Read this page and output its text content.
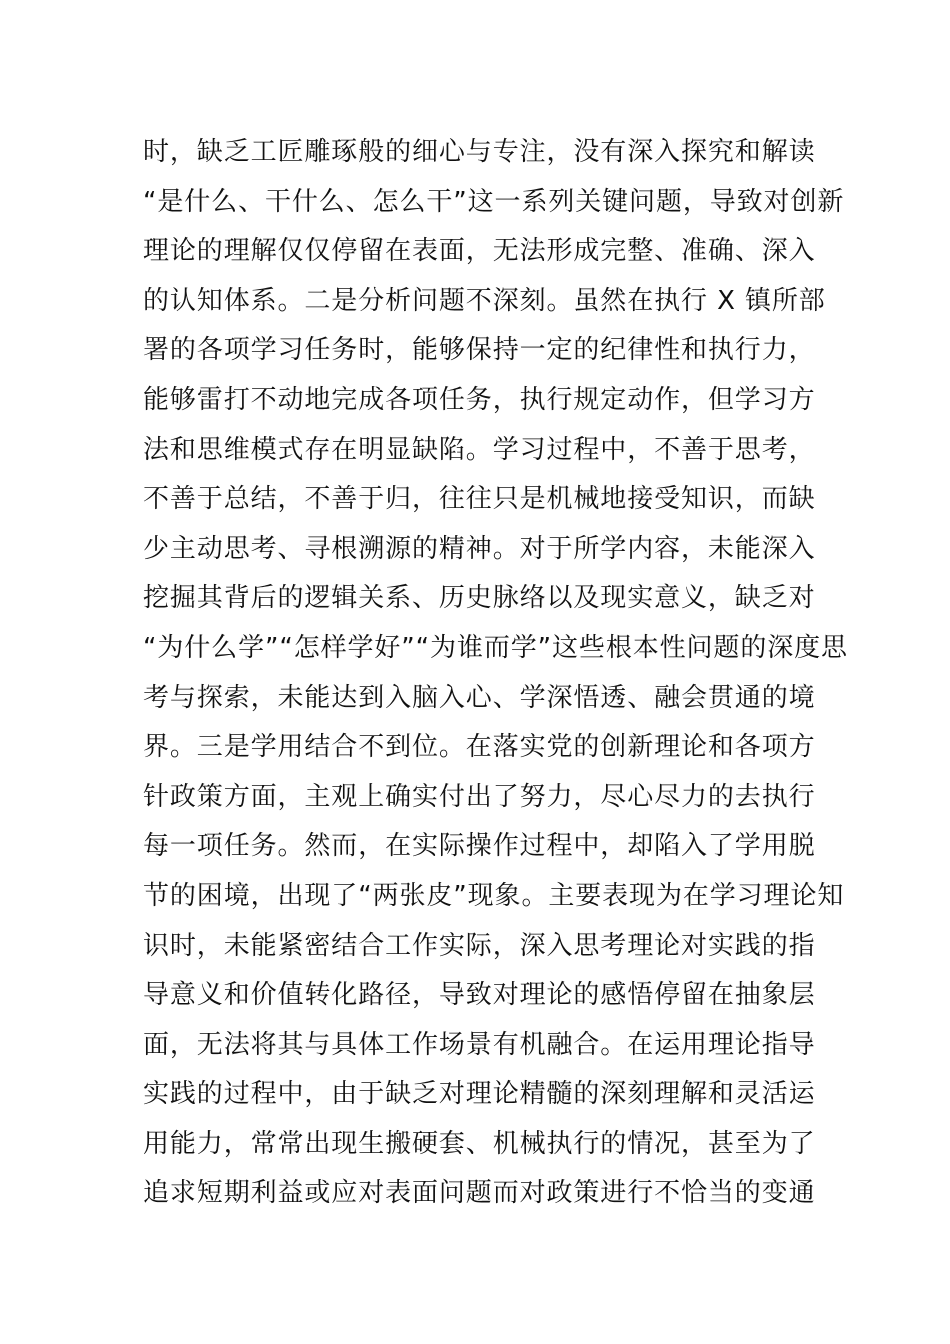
时，缺乏工匠雕琢般的细心与专注，没有深入探究和解读
“是什么、干什么、怎么干”这一系列关键问题，导致对创新
理论的理解仅仅停留在表面，无法形成完整、准确、深入
的认知体系。二是分析问题不深刻。虽然在执行 X 镇所部
署的各项学习任务时，能够保持一定的纪律性和执行力，
能够雷打不动地完成各项任务，执行规定动作，但学习方
法和思维模式存在明显缺陷。学习过程中，不善于思考，
不善于总结，不善于归，往往只是机械地接受知识，而缺
少主动思考、寻根溯源的精神。对于所学内容，未能深入
挖掘其背后的逻辑关系、历史脉络以及现实意义，缺乏对
“为什么学”“怎样学好”“为谁而学”这些根本性问题的深度思
考与探索，未能达到入脑入心、学深悟透、融会贯通的境
界。三是学用结合不到位。在落实党的创新理论和各项方
针政策方面，主观上确实付出了努力，尽心尽力的去执行
每一项任务。然而，在实际操作过程中，却陷入了学用脱
节的困境，出现了“两张皮”现象。主要表现为在学习理论知
识时，未能紧密结合工作实际，深入思考理论对实践的指
导意义和价值转化路径，导致对理论的感悟停留在抽象层
面，无法将其与具体工作场景有机融合。在运用理论指导
实践的过程中，由于缺乏对理论精髓的深刻理解和灵活运
用能力，常常出现生搬硬套、机械执行的情况，甚至为了
追求短期利益或应对表面问题而对政策进行不恰当的变通
